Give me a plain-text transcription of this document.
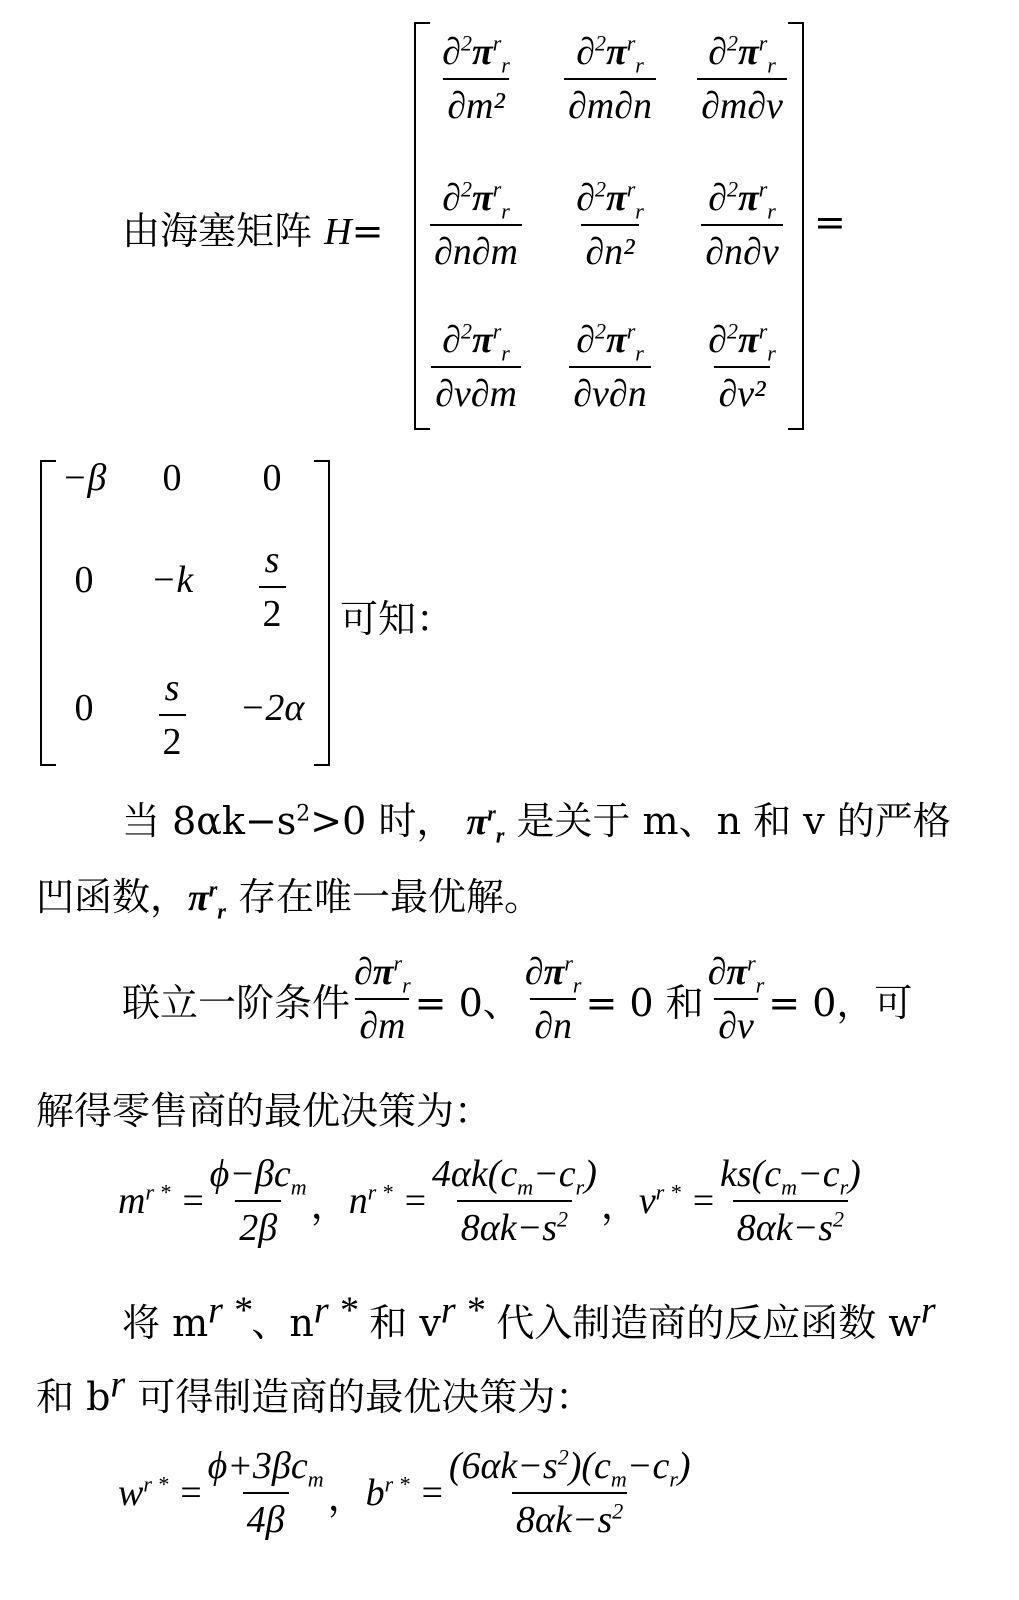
由海塞矩阵 H=
$\frac{\partial^2\pi^r_r}{\text{∂m²}} \frac{\partial^2\pi^r_r}{\partial m\partial n} \frac{\partial^2\pi^r_r}{\partial m\partial v}$
$\frac{\partial^2\pi^r_r}{\partial n\partial m} \frac{\partial^2\pi^r_r}{\text{∂n²}} \frac{\partial^2\pi^r_r}{\partial n\partial v}$
$\frac{\partial^2\pi^r_r}{\partial v\partial m} \frac{\partial^2\pi^r_r}{\partial v\partial n} \frac{\partial^2\pi^r_r}{\text{∂v²}}$
=
−β 0 0
$0 -k \frac{s}{2}$
$0 \frac{s}{2} -2\alpha$
可知：
当 $8\alpha k-s^2>0$ 时， $\pi^r_r$ 是关于 m、n 和 v 的严格
凹函数，$\pi^r_r$ 存在唯一最优解。
联立一阶条件 $\frac{\partial\pi^r_r}{\partial m} = 0$、 $\frac{\partial\pi^r_r}{\partial n} = 0$ 和 $\frac{\partial\pi^r_r}{\partial v} = 0$，可
解得零售商的最优决策为：
$m^{r *} = \frac{\phi-\beta c_m}{2\beta}$ ， $n^{r *} = \frac{4\alpha k(c_m-c_r)}{8\alpha k-s^2}$ ， $v^{r *} = \frac{ks(c_m-c_r)}{8\alpha k-s^2}$
将 $m^{r *}$、$n^{r *}$ 和 $v^{r *}$ 代入制造商的反应函数 $w^r$
和 $b^r$ 可得制造商的最优决策为：
$w^{r *} = \frac{\phi+3\beta c_m}{4\beta}$ ， $b^{r *} = \frac{(6\alpha k-s^2)(c_m-c_r)}{8\alpha k-s^2}$
